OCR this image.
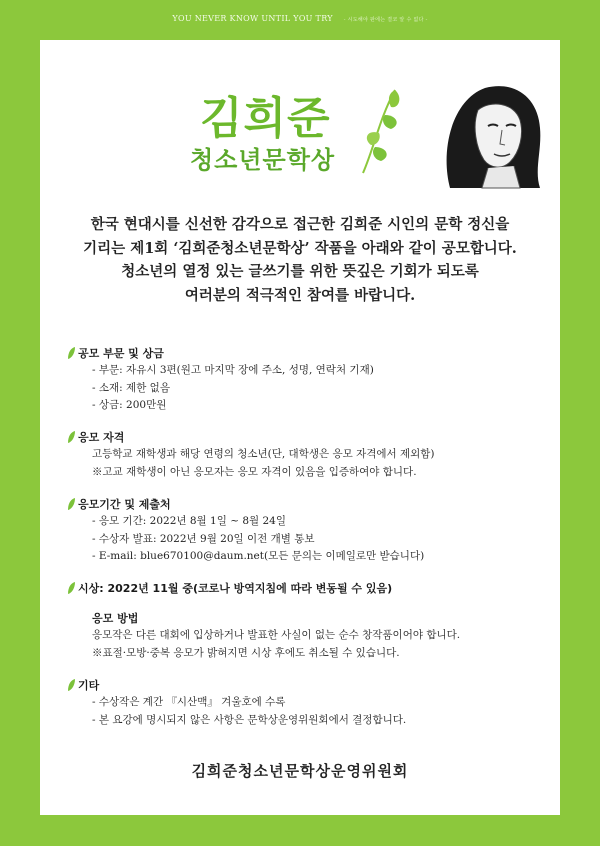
YOU NEVER KNOW UNTIL YOU TRY - 시도해야 판에는 결코 알 수 없다 -
김희준
청소년문학상
한국 현대시를 신선한 감각으로 접근한 김희준 시인의 문학 정신을
기리는 제1회 ‘김희준청소년문학상’ 작품을 아래와 같이 공모합니다.
청소년의 열정 있는 글쓰기를 위한 뜻깊은 기회가 되도록
여러분의 적극적인 참여를 바랍니다.
공모 부문 및 상금
- 부문: 자유시 3편(원고 마지막 장에 주소, 성명, 연락처 기재)
- 소재: 제한 없음
- 상금: 200만원
응모 자격
고등학교 재학생과 해당 연령의 청소년(단, 대학생은 응모 자격에서 제외함)
※고교 재학생이 아닌 응모자는 응모 자격이 있음을 입증하여야 합니다.
응모기간 및 제출처
- 응모 기간: 2022년 8월 1일 ~ 8월 24일
- 수상자 발표: 2022년 9월 20일 이전 개별 통보
- E-mail: blue670100@daum.net(모든 문의는 이메일로만 받습니다)
시상: 2022년 11월 중(코로나 방역지침에 따라 변동될 수 있음)
응모 방법
응모작은 다른 대회에 입상하거나 발표한 사실이 없는 순수 창작품이어야 합니다.
※표절·모방·중복 응모가 밝혀지면 시상 후에도 취소될 수 있습니다.
기타
- 수상작은 계간 『시산맥』 겨울호에 수록
- 본 요강에 명시되지 않은 사항은 문학상운영위원회에서 결정합니다.
김희준청소년문학상운영위원회
